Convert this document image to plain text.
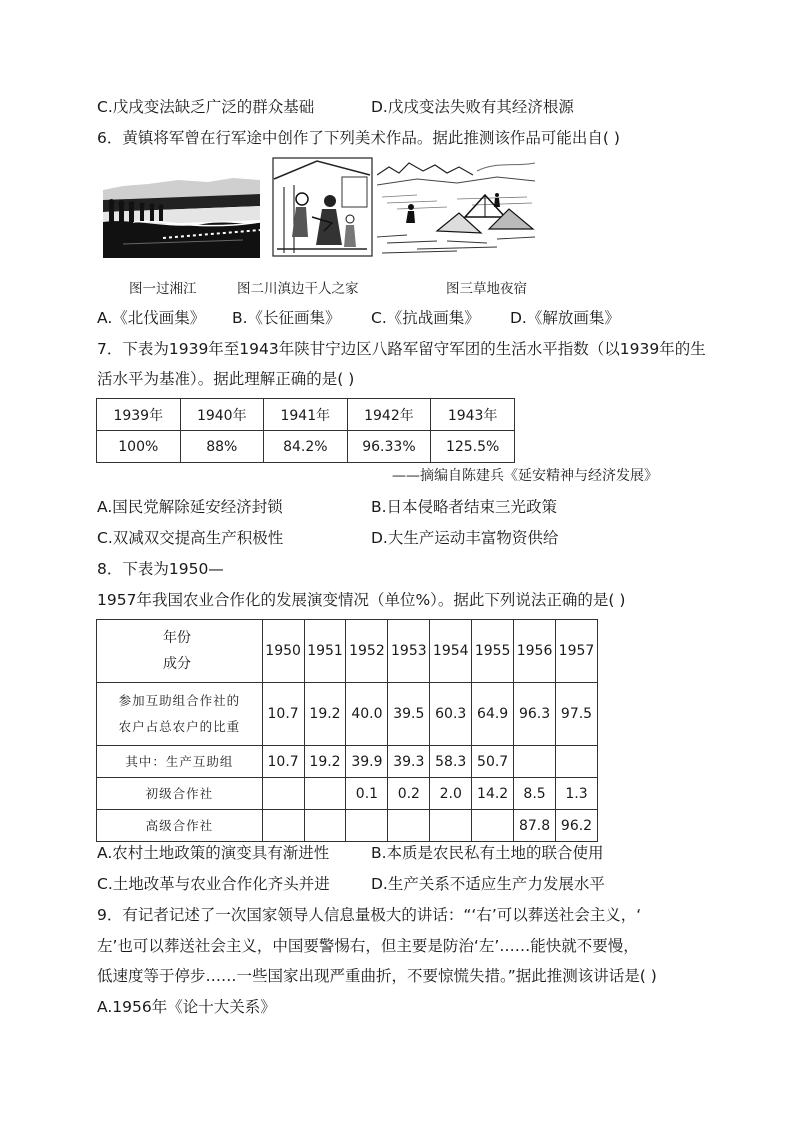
C.戊戌变法缺乏广泛的群众基础	D.戊戌变法失败有其经济根源
6．黄镇将军曾在行军途中创作了下列美术作品。据此推测该作品可能出自( )
图一过湘江	图二川滇边干人之家	图三草地夜宿
A.《北伐画集》 B.《长征画集》 C.《抗战画集》 D.《解放画集》
7．下表为1939年至1943年陕甘宁边区八路军留守军团的生活水平指数（以1939年的生
活水平为基准）。据此理解正确的是( )
1939年	1940年	1941年	1942年	1943年
100%	88%	84.2%	96.33%	125.5%
——摘编自陈建兵《延安精神与经济发展》
A.国民党解除延安经济封锁	B.日本侵略者结束三光政策
C.双减双交提高生产积极性	D.大生产运动丰富物资供给
8．下表为1950—
1957年我国农业合作化的发展演变情况（单位%）。据此下列说法正确的是( )
年份
成分	1950	1951	1952	1953	1954	1955	1956	1957

参加互助组合作社的
农户占总农户的比重	10.7	19.2	40.0	39.5	60.3	64.9	96.3	97.5
其中：生产互助组	10.7	19.2	39.9	39.3	58.3	50.7		
初级合作社			0.1	0.2	2.0	14.2	8.5	1.3
高级合作社							87.8	96.2
A.农村土地政策的演变具有渐进性	B.本质是农民私有土地的联合使用
C.土地改革与农业合作化齐头并进	D.生产关系不适应生产力发展水平
9．有记者记述了一次国家领导人信息量极大的讲话：“‘右’可以葬送社会主义，‘
左’也可以葬送社会主义，中国要警惕右，但主要是防治‘左’……能快就不要慢，
低速度等于停步……一些国家出现严重曲折，不要惊慌失措。”据此推测该讲话是( )
A.1956年《论十大关系》
